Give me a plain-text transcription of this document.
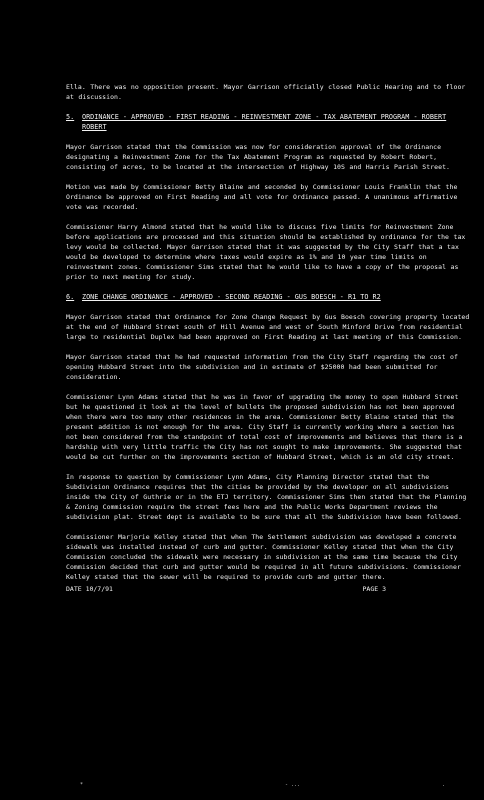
Ella. There was no opposition present. Mayor Garrison officially closed Public Hearing and to floor at discussion.

5.	ORDINANCE - APPROVED - FIRST READING - REINVESTMENT ZONE - TAX ABATEMENT PROGRAM - ROBERT ROBERT

Mayor Garrison stated that the Commission was now for consideration approval of the Ordinance designating a Reinvestment Zone for the Tax Abatement Program as requested by Robert Robert, consisting of acres, to be located at the intersection of Highway 10S and Harris Parish Street.

Motion was made by Commissioner Betty Blaine and seconded by Commissioner Louis Franklin that the Ordinance be approved on First Reading and all vote for Ordinance passed. A unanimous affirmative vote was recorded.

Commissioner Harry Almond stated that he would like to discuss five limits for Reinvestment Zone before applications are processed and this situation should be established by ordinance for the tax levy would be collected. Mayor Garrison stated that it was suggested by the City Staff that a tax would be developed to determine where taxes would expire as 1% and 10 year time limits on reinvestment zones. Commissioner Sims stated that he would like to have a copy of the proposal as prior to next meeting for study.

6.	ZONE CHANGE ORDINANCE - APPROVED - SECOND READING - GUS BOESCH - R1 TO R2

Mayor Garrison stated that Ordinance for Zone Change Request by Gus Boesch covering property located at the end of Hubbard Street south of Hill Avenue and west of South Minford Drive from residential large to residential Duplex had been approved on First Reading at last meeting of this Commission.

Mayor Garrison stated that he had requested information from the City Staff regarding the cost of opening Hubbard Street into the subdivision and in estimate of $25000 had been submitted for consideration.

Commissioner Lynn Adams stated that he was in favor of upgrading the money to open Hubbard Street but he questioned it look at the level of bullets the proposed subdivision has not been approved when there were too many other residences in the area. Commissioner Betty Blaine stated that the present addition is not enough for the area. City Staff is currently working where a section has not been considered from the standpoint of total cost of improvements and believes that there is a hardship with very little traffic the City has not sought to make improvements. She suggested that would be cut further on the improvements section of Hubbard Street, which is an old city street.

In response to question by Commissioner Lynn Adams, City Planning Director stated that the Subdivision Ordinance requires that the cities be provided by the developer on all subdivisions inside the City of Guthrie or in the ETJ territory. Commissioner Sims then stated that the Planning & Zoning Commission require the street fees here and the Public Works Department reviews the subdivision plat. Street dept is available to be sure that all the Subdivision have been followed.

Commissioner Marjorie Kelley stated that when The Settlement subdivision was developed a concrete sidewalk was installed instead of curb and gutter. Commissioner Kelley stated that when the City Commission concluded the sidewalk were necessary in subdivision at the same time because the City Commission decided that curb and gutter would be required in all future subdivisions. Commissioner Kelley stated that the sewer will be required to provide curb and gutter there.

DATE 10/7/91	PAGE 3
*	- ...	.
